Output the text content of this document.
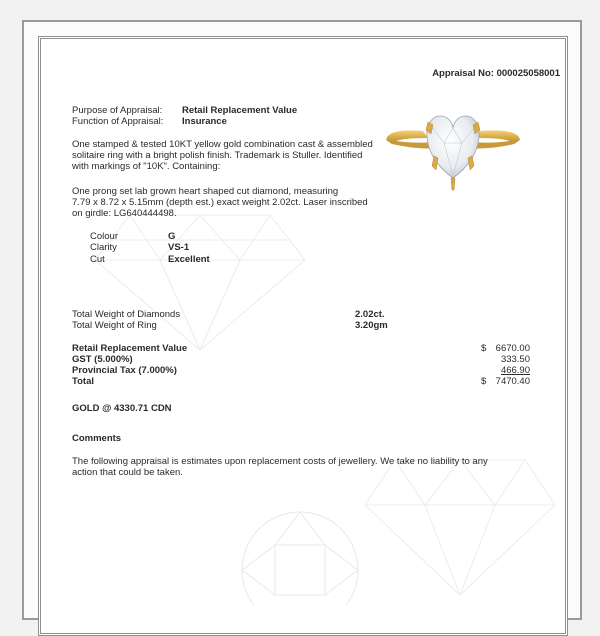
Appraisal No: 000025058001
Purpose of Appraisal: Retail Replacement Value
Function of Appraisal: Insurance
One stamped & tested 10KT yellow gold combination cast & assembled
solitaire ring with a bright polish finish. Trademark is Stuller. Identified
with markings of "10K". Containing:
One prong set lab grown heart shaped cut diamond, measuring
7.79 x 8.72 x 5.15mm (depth est.) exact weight 2.02ct. Laser inscribed
on girdle: LG640444498.
Colour	G
Clarity	VS-1
Cut	Excellent
Total Weight of Diamonds	2.02ct.
Total Weight of Ring	3.20gm
Retail Replacement Value	$ 6670.00
GST (5.000%)	333.50
Provincial Tax (7.000%)	466.90
Total	$ 7470.40
GOLD @ 4330.71 CDN
Comments
The following appraisal is estimates upon replacement costs of jewellery. We take no liability to any
action that could be taken.
